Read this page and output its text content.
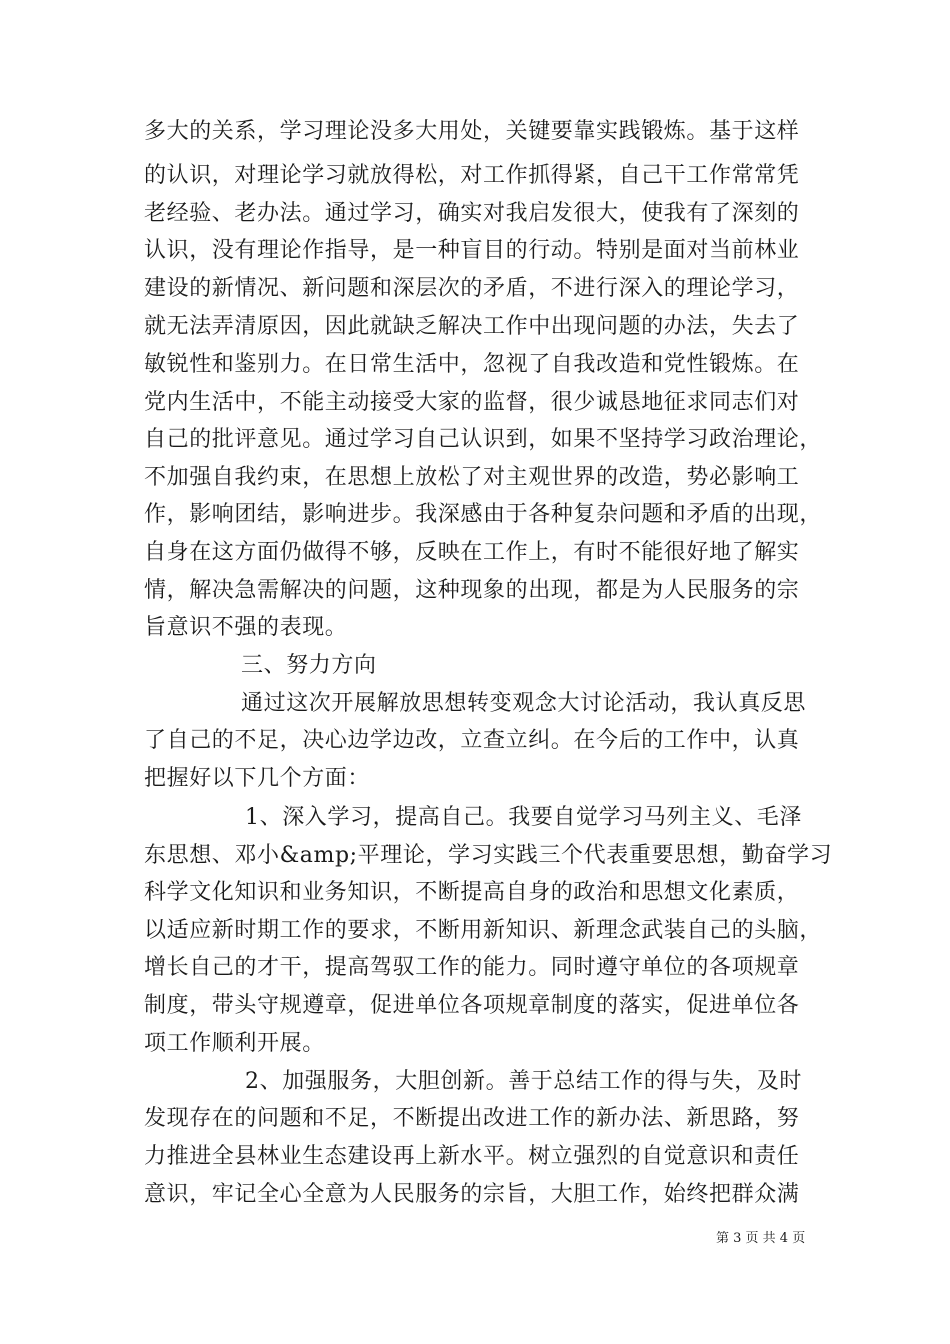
多大的关系，学习理论没多大用处，关键要靠实践锻炼。基于这样
的认识，对理论学习就放得松，对工作抓得紧，自己干工作常常凭
老经验、老办法。通过学习，确实对我启发很大，使我有了深刻的
认识，没有理论作指导，是一种盲目的行动。特别是面对当前林业
建设的新情况、新问题和深层次的矛盾，不进行深入的理论学习，
就无法弄清原因，因此就缺乏解决工作中出现问题的办法，失去了
敏锐性和鉴别力。在日常生活中，忽视了自我改造和党性锻炼。在
党内生活中，不能主动接受大家的监督，很少诚恳地征求同志们对
自己的批评意见。通过学习自己认识到，如果不坚持学习政治理论，
不加强自我约束，在思想上放松了对主观世界的改造，势必影响工
作，影响团结，影响进步。我深感由于各种复杂问题和矛盾的出现，
自身在这方面仍做得不够，反映在工作上，有时不能很好地了解实
情，解决急需解决的问题，这种现象的出现，都是为人民服务的宗
旨意识不强的表现。
三、努力方向
通过这次开展解放思想转变观念大讨论活动，我认真反思
了自己的不足，决心边学边改，立查立纠。在今后的工作中，认真
把握好以下几个方面：
1、深入学习，提高自己。我要自觉学习马列主义、毛泽
东思想、邓小&amp;平理论，学习实践三个代表重要思想，勤奋学习
科学文化知识和业务知识，不断提高自身的政治和思想文化素质，
以适应新时期工作的要求，不断用新知识、新理念武装自己的头脑，
增长自己的才干，提高驾驭工作的能力。同时遵守单位的各项规章
制度，带头守规遵章，促进单位各项规章制度的落实，促进单位各
项工作顺利开展。
2、加强服务，大胆创新。善于总结工作的得与失，及时
发现存在的问题和不足，不断提出改进工作的新办法、新思路，努
力推进全县林业生态建设再上新水平。树立强烈的自觉意识和责任
意识，牢记全心全意为人民服务的宗旨，大胆工作，始终把群众满
第 3 页 共 4 页
